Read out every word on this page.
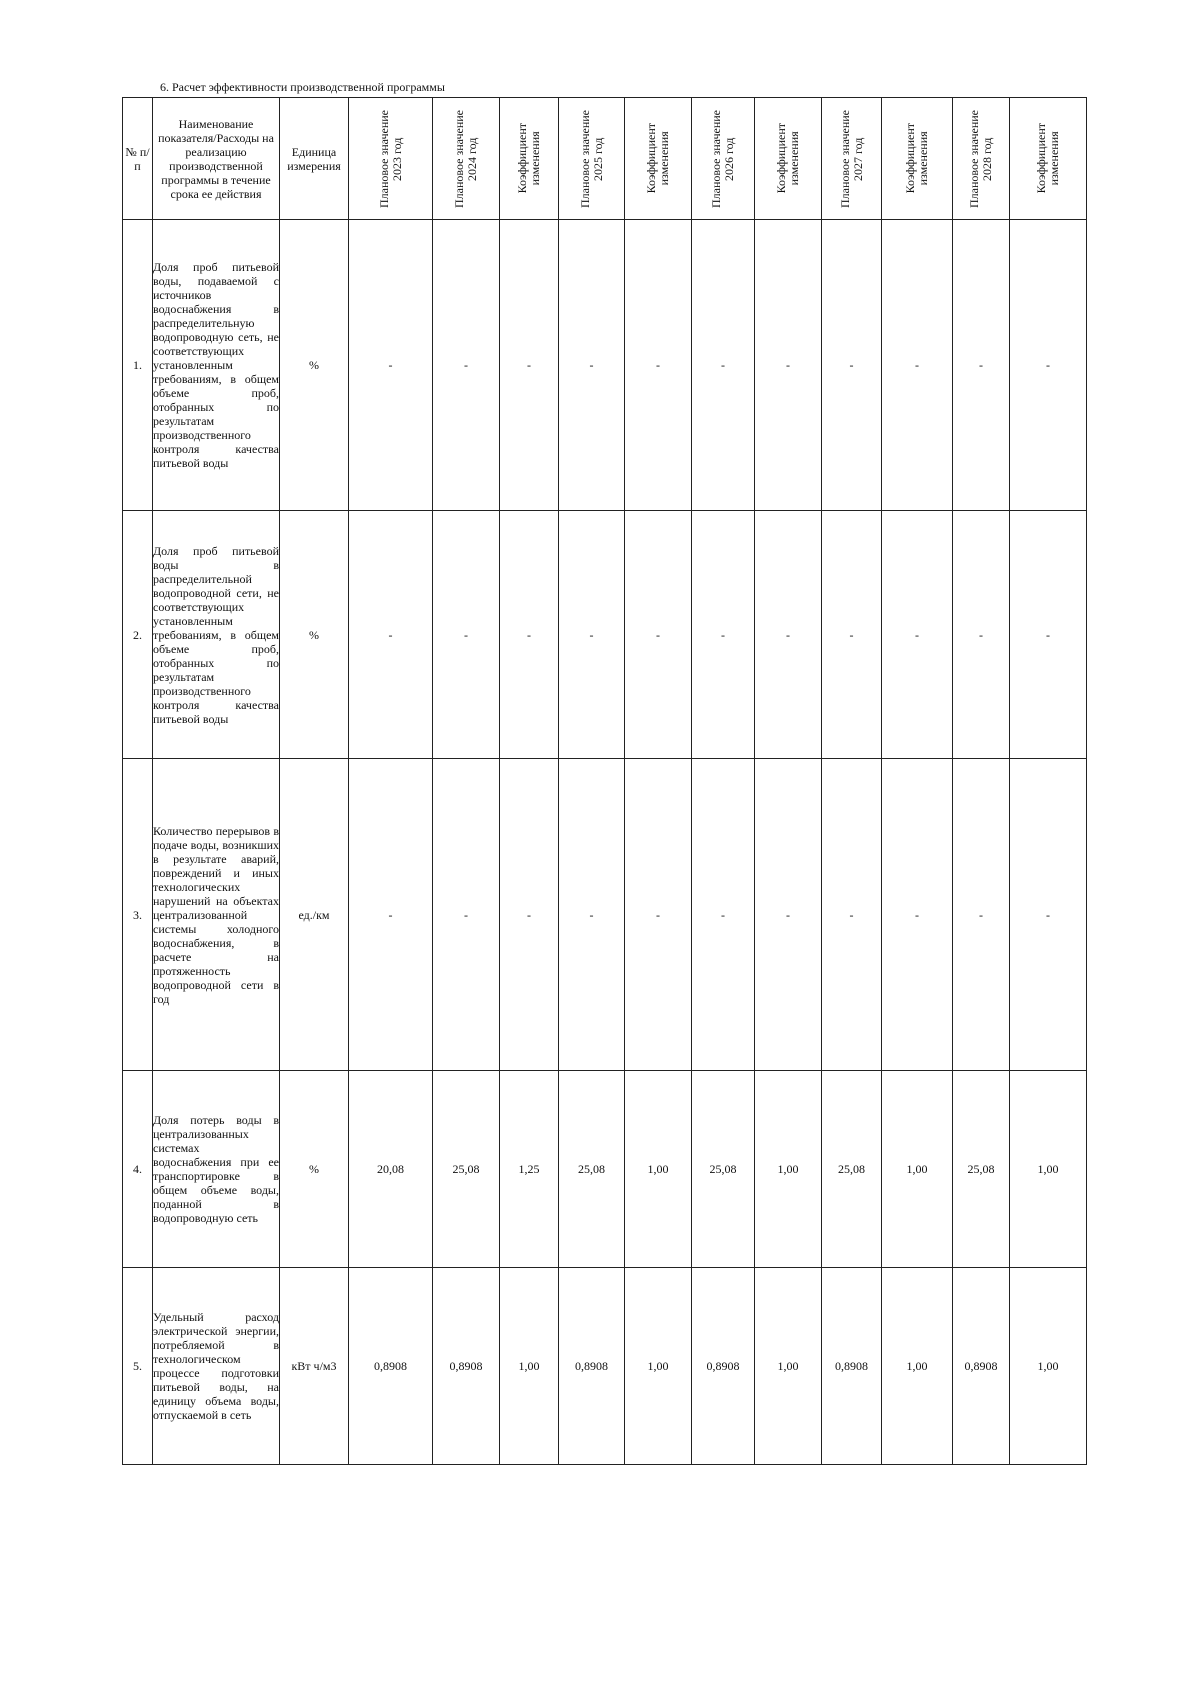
6. Расчет эффективности производственной программы
№ п/п	Наименование показателя/Расходы на реализацию производственной программы в течение срока ее действия	Единица измерения	Плановое значение 2023 год	Плановое значение 2024 год	Коэффициент изменения	Плановое значение 2025 год	Коэффициент изменения	Плановое значение 2026 год	Коэффициент изменения	Плановое значение 2027 год	Коэффициент изменения	Плановое значение 2028 год	Коэффициент изменения

1.	Доля проб питьевой воды, подаваемой с источников водоснабжения в распределительную водопроводную сеть, не соответствующих установленным требованиям, в общем объеме проб, отобранных по результатам производственного контроля качества питьевой воды	%	-	-	-	-	-	-	-	-	-	-	-
2.	Доля проб питьевой воды в распределительной водопроводной сети, не соответствующих установленным требованиям, в общем объеме проб, отобранных по результатам производственного контроля качества питьевой воды	%	-	-	-	-	-	-	-	-	-	-	-
3.	Количество перерывов в подаче воды, возникших в результате аварий, повреждений и иных технологических нарушений на объектах централизованной системы холодного водоснабжения, в расчете на протяженность водопроводной сети в год	ед./км	-	-	-	-	-	-	-	-	-	-	-
4.	Доля потерь воды в централизованных системах водоснабжения при ее транспортировке в общем объеме воды, поданной в водопроводную сеть	%	20,08	25,08	1,25	25,08	1,00	25,08	1,00	25,08	1,00	25,08	1,00
5.	Удельный расход электрической энергии, потребляемой в технологическом процессе подготовки питьевой воды, на единицу объема воды, отпускаемой в сеть	кВт ч/м3	0,8908	0,8908	1,00	0,8908	1,00	0,8908	1,00	0,8908	1,00	0,8908	1,00
